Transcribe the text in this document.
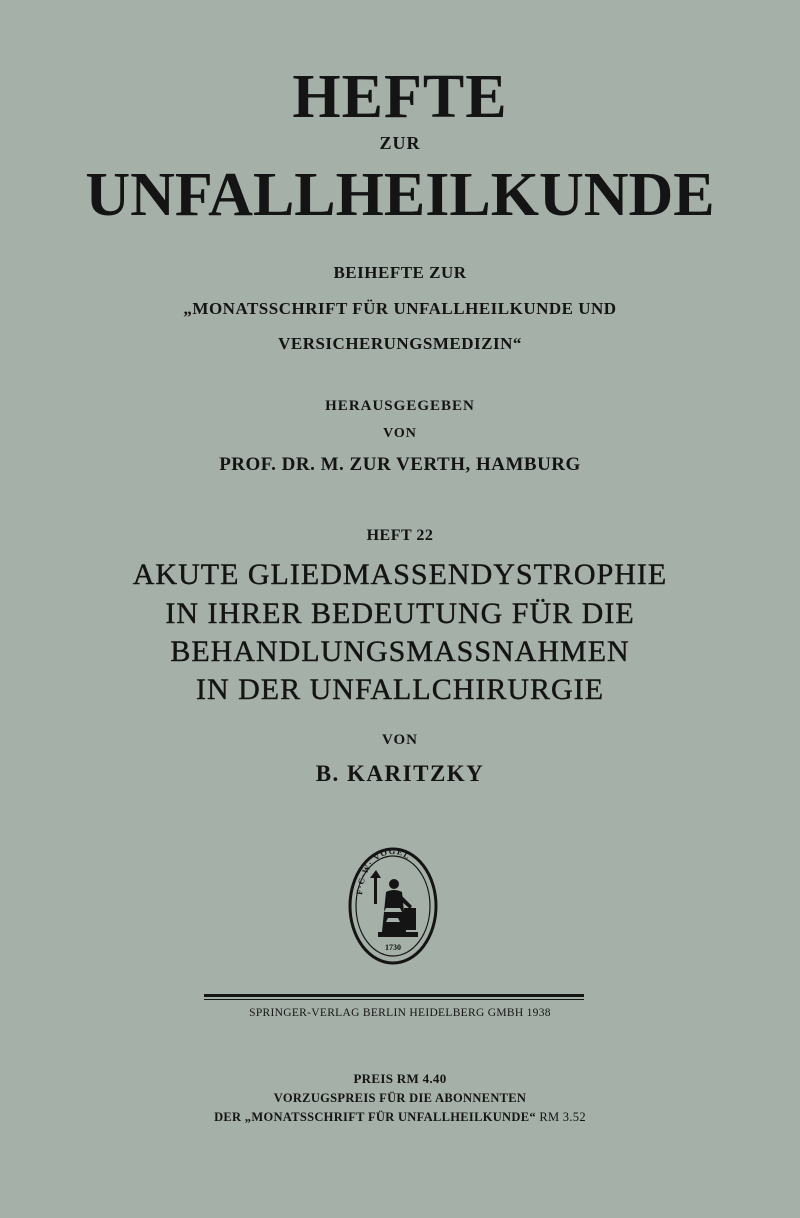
HEFTE
ZUR
UNFALLHEILKUNDE
BEIHEFTE ZUR
„MONATSSCHRIFT FÜR UNFALLHEILKUNDE UND
VERSICHERUNGSMEDIZIN“
HERAUSGEGEBEN
VON
PROF. DR. M. ZUR VERTH, HAMBURG
HEFT 22
AKUTE GLIEDMASSENDYSTROPHIE
IN IHRER BEDEUTUNG FÜR DIE
BEHANDLUNGSMASSNAHMEN
IN DER UNFALLCHIRURGIE
VON
B. KARITZKY
F·C·W· VOGEL
1730
SPRINGER-VERLAG BERLIN HEIDELBERG GMBH 1938
PREIS RM 4.40
VORZUGSPREIS FÜR DIE ABONNENTEN
DER „MONATSSCHRIFT FÜR UNFALLHEILKUNDE“ RM 3.52
